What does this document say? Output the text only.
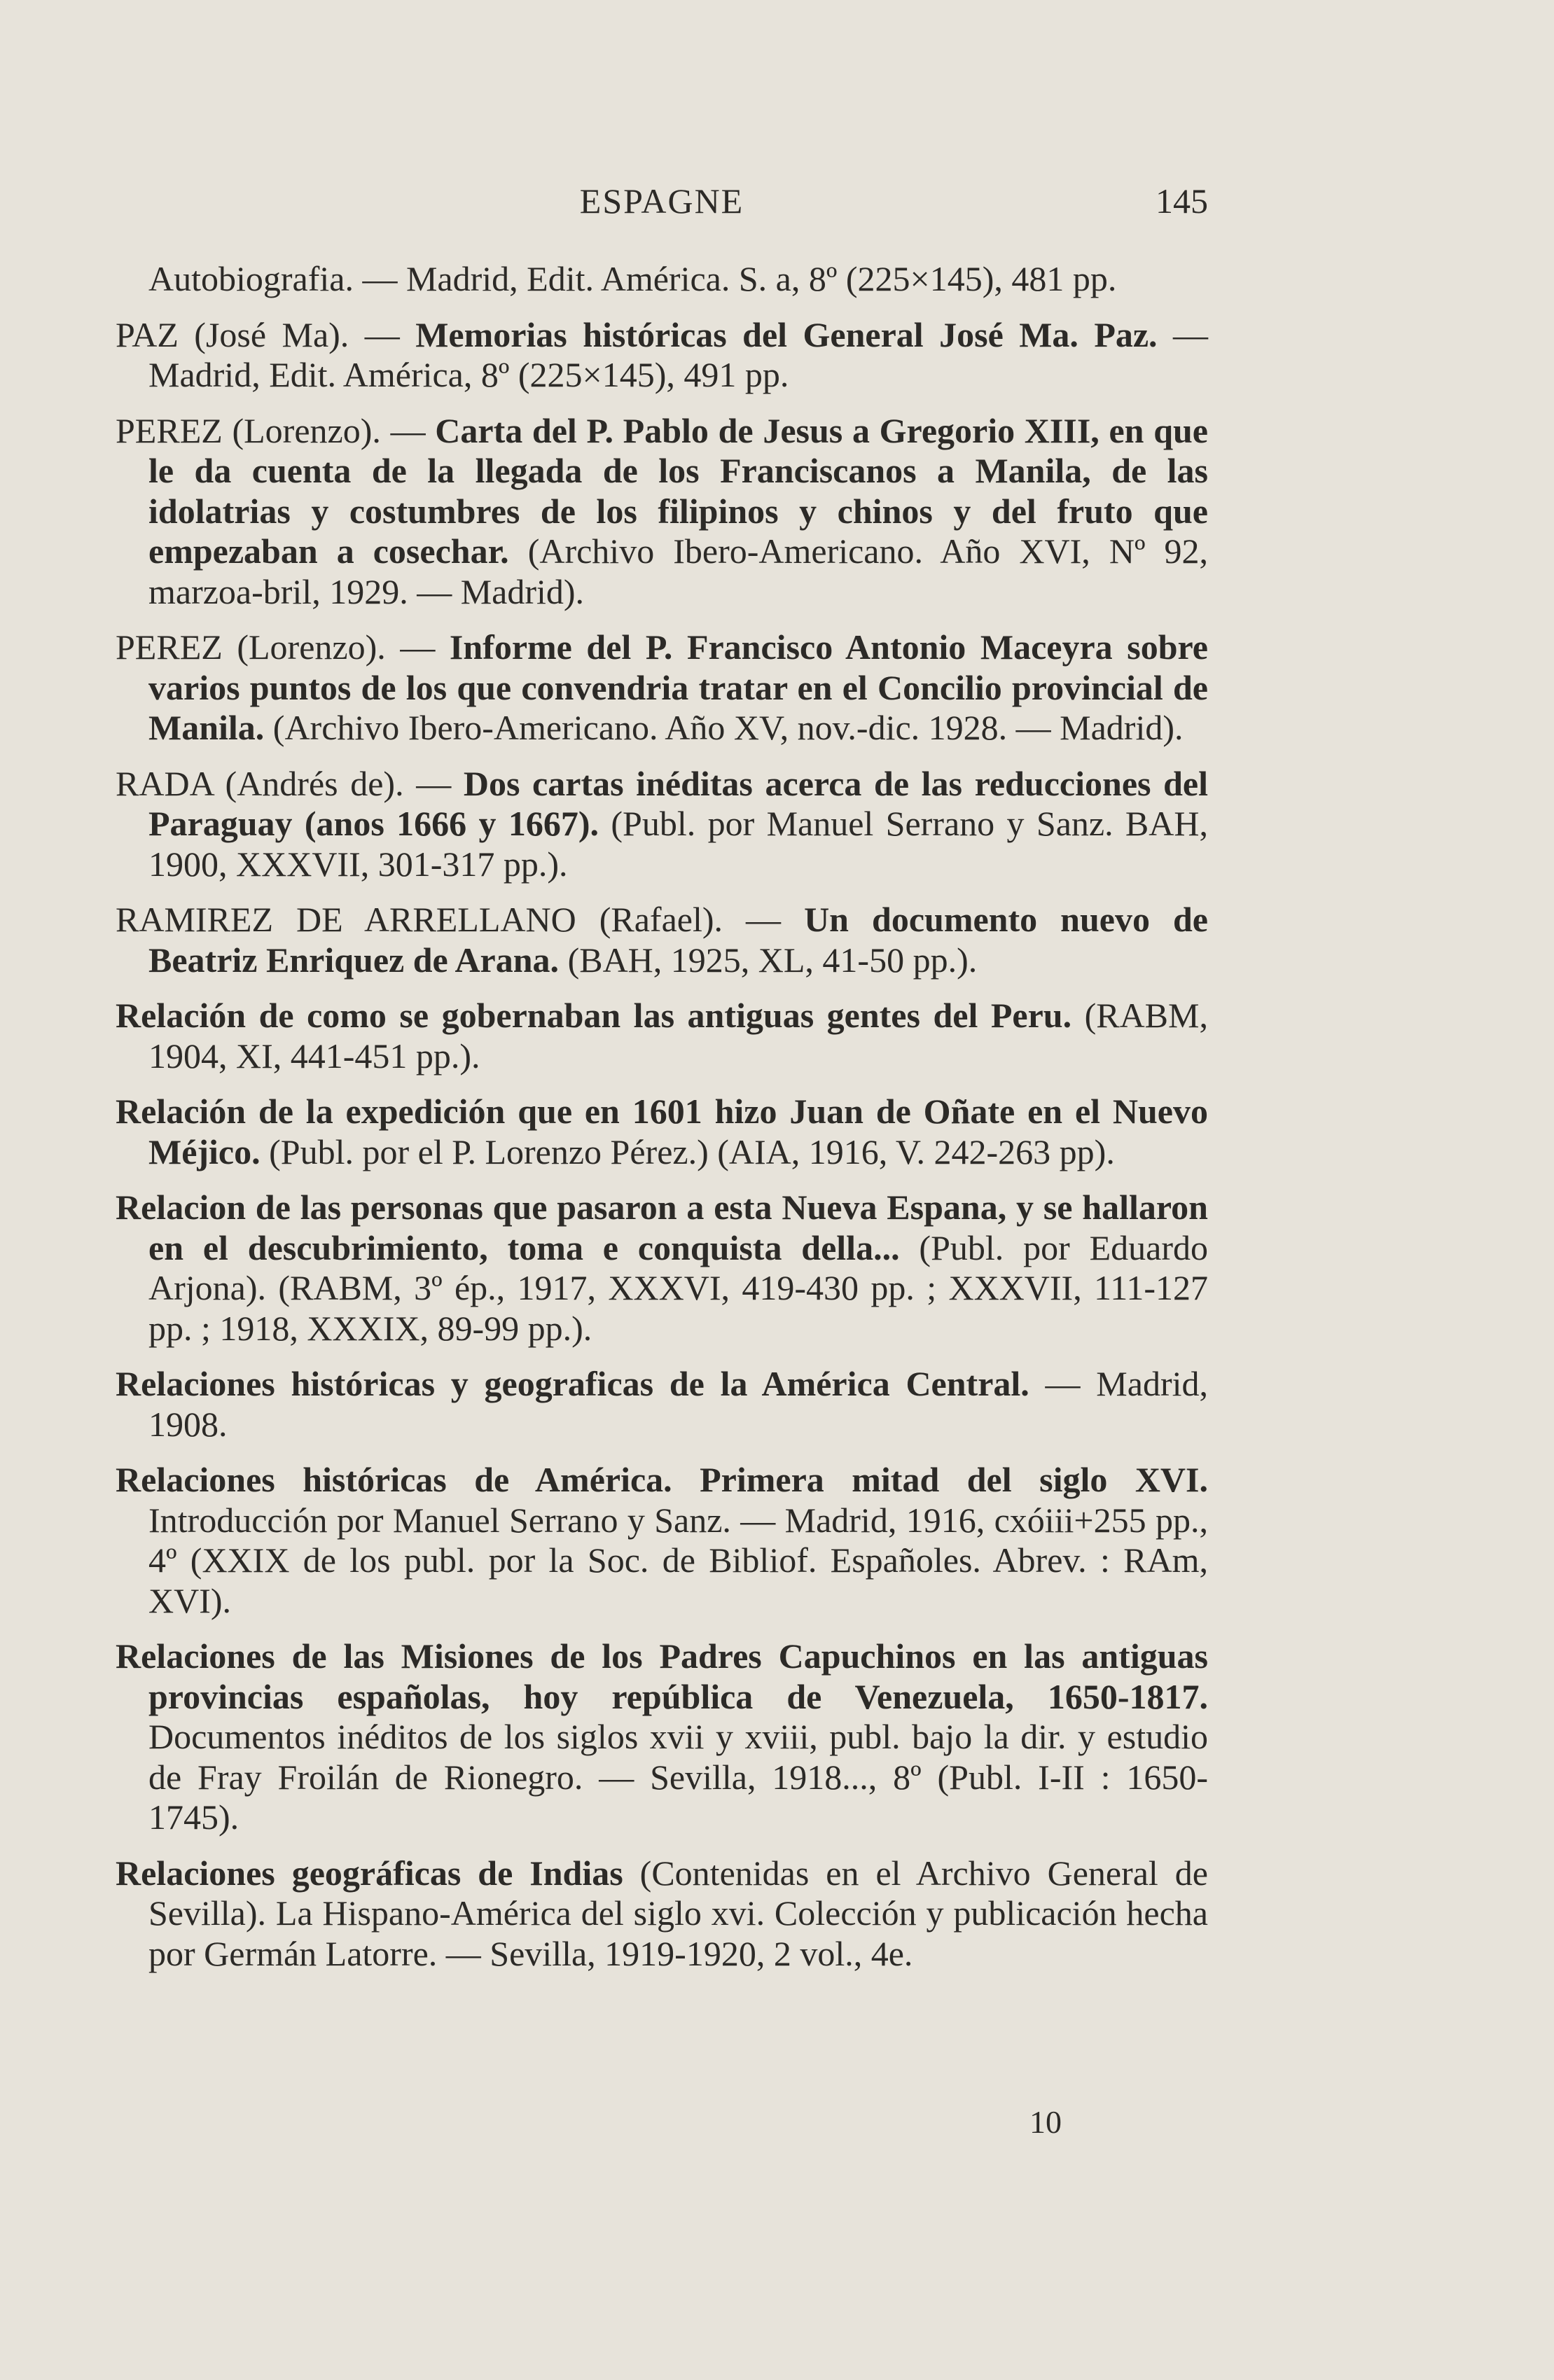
ESPAGNE	145

Autobiografia. — Madrid, Edit. América. S. a, 8º (225×145), 481 pp.

PAZ (José Ma). — Memorias históricas del General José Ma. Paz. — Madrid, Edit. América, 8º (225×145), 491 pp.

PEREZ (Lorenzo). — Carta del P. Pablo de Jesus a Gregorio XIII, en que le da cuenta de la llegada de los Franciscanos a Manila, de las idolatrias y costumbres de los filipinos y chinos y del fruto que empezaban a cosechar. (Archivo Ibero-Americano. Año XVI, Nº 92, marzoa-bril, 1929. — Madrid).

PEREZ (Lorenzo). — Informe del P. Francisco Antonio Maceyra sobre varios puntos de los que convendria tratar en el Concilio provincial de Manila. (Archivo Ibero-Americano. Año XV, nov.-dic. 1928. — Madrid).

RADA (Andrés de). — Dos cartas inéditas acerca de las reducciones del Paraguay (anos 1666 y 1667). (Publ. por Manuel Serrano y Sanz. BAH, 1900, XXXVII, 301-317 pp.).

RAMIREZ DE ARRELLANO (Rafael). — Un documento nuevo de Beatriz Enriquez de Arana. (BAH, 1925, XL, 41-50 pp.).

Relación de como se gobernaban las antiguas gentes del Peru. (RABM, 1904, XI, 441-451 pp.).

Relación de la expedición que en 1601 hizo Juan de Oñate en el Nuevo Méjico. (Publ. por el P. Lorenzo Pérez.) (AIA, 1916, V. 242-263 pp).

Relacion de las personas que pasaron a esta Nueva Espana, y se hallaron en el descubrimiento, toma e conquista della... (Publ. por Eduardo Arjona). (RABM, 3º ép., 1917, XXXVI, 419-430 pp. ; XXXVII, 111-127 pp. ; 1918, XXXIX, 89-99 pp.).

Relaciones históricas y geograficas de la América Central. — Madrid, 1908.

Relaciones históricas de América. Primera mitad del siglo XVI. Introducción por Manuel Serrano y Sanz. — Madrid, 1916, cxóiii+255 pp., 4º (XXIX de los publ. por la Soc. de Bibliof. Españoles. Abrev. : RAm, XVI).

Relaciones de las Misiones de los Padres Capuchinos en las antiguas provincias españolas, hoy república de Venezuela, 1650-1817. Documentos inéditos de los siglos xvii y xviii, publ. bajo la dir. y estudio de Fray Froilán de Rionegro. — Sevilla, 1918..., 8º (Publ. I-II : 1650-1745).

Relaciones geográficas de Indias (Contenidas en el Archivo General de Sevilla). La Hispano-América del siglo xvi. Colección y publicación hecha por Germán Latorre. — Sevilla, 1919-1920, 2 vol., 4e.

10
